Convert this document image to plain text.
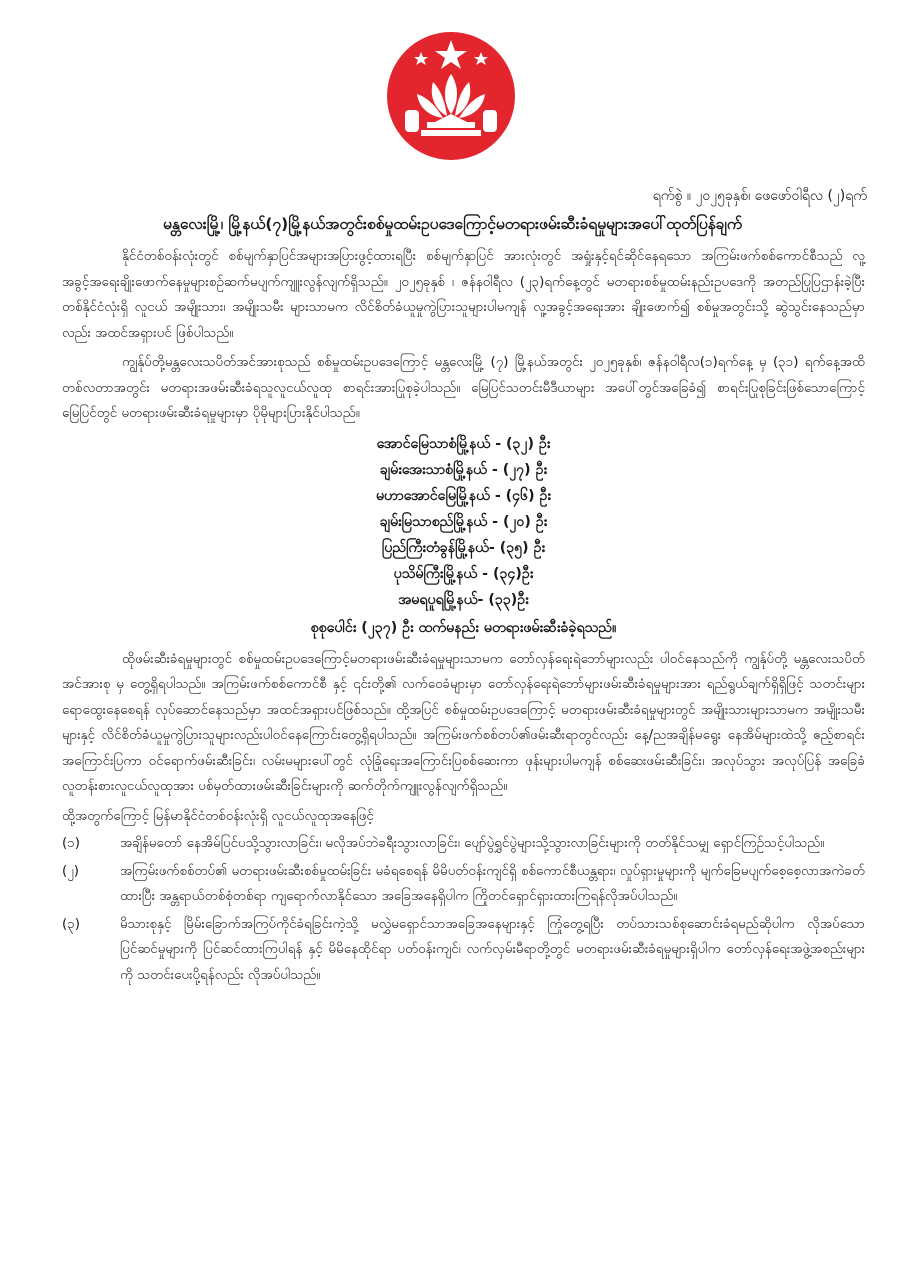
ရက်စွဲ ။ ၂၀၂၅ခုနှစ်၊ ဖေဖော်ဝါရီလ (၂)ရက်
မန္တလေးမြို့၊ မြို့နယ်(၇)မြို့နယ်အတွင်းစစ်မှုထမ်းဥပဒေကြောင့်မတရားဖမ်းဆီးခံရမှုများအပေါ်ထုတ်ပြန်ချက်

နိုင်ငံတစ်ဝန်းလုံးတွင် စစ်မျက်နှာပြင်အများအပြားဖွင့်ထားရပြီး စစ်မျက်နှာပြင် အားလုံးတွင် အရှုံးနှင့်ရင်ဆိုင်နေရသော အကြမ်းဖက်စစ်ကောင်စီသည် လူ့အခွင့်အရေးချိုးဖောက်နေမှုများစဥ်ဆက်မပျက်ကျူးလွန်လျက်ရှိသည်။ ၂၀၂၅ခုနှစ် ၊ ဇန်နဝါရီလ (၂၃)ရက်နေ့တွင် မတရားစစ်မှုထမ်းနည်းဥပဒေကို အတည်ပြုပြဌာန်းခဲ့ပြီး တစ်နိုင်ငံလုံးရှိ လူငယ် အမျိုးသား၊ အမျိုးသမီး များသာမက လိင်စိတ်ခံယူမှုကွဲပြားသူများပါမကျန် လူ့အခွင့်အရေးအား ချိုးဖောက်၍ စစ်မှုအတွင်းသို့ ဆွဲသွင်းနေသည်မှာလည်း အထင်အရှားပင် ဖြစ်ပါသည်။

ကျွန်ုပ်တို့မန္တလေးသပိတ်အင်အားစုသည် စစ်မှုထမ်းဥပဒေကြောင့် မန္တလေးမြို့ (၇) မြို့နယ်အတွင်း ၂၀၂၅ခုနှစ်၊ ဇန်နဝါရီလ(၁)ရက်နေ့ မှ (၃၁) ရက်နေ့အထိ တစ်လတာအတွင်း မတရားအဖမ်းဆီးခံရသူလူငယ်လူထု စာရင်းအားပြုစုခဲ့ပါသည်။ မြေပြင်သတင်းမီဒီယာများ အပေါ်တွင်အခြေခံ၍ စာရင်းပြုစုခြင်းဖြစ်သောကြောင့် မြေပြင်တွင် မတရားဖမ်းဆီးခံရမှုများမှာ ပိုမိုများပြားနိုင်ပါသည်။

အောင်မြေသာစံမြို့နယ် - (၃၂) ဦး
ချမ်းအေးသာစံမြို့နယ် - (၂၇) ဦး
မဟာအောင်မြေမြို့နယ် - (၄၆) ဦး
ချမ်းမြသာစည်မြို့နယ် - (၂၀) ဦး
ပြည်ကြီးတံခွန်မြို့နယ်- (၃၅) ဦး
ပုသိမ်ကြီးမြို့နယ် - (၃၄)ဦး
အမရပူရမြို့နယ်- (၃၃)ဦး
စုစုပေါင်း (၂၃၇) ဦး ထက်မနည်း မတရားဖမ်းဆီးခံခဲ့ရသည်။

ထိုဖမ်းဆီးခံရမှုများတွင် စစ်မှုထမ်းဥပဒေကြောင့်မတရားဖမ်းဆီးခံရမှုများသာမက တော်လှန်ရေးရဲဘော်များလည်း ပါဝင်နေသည်ကို ကျွန်ုပ်တို့ မန္တလေးသပိတ်အင်အားစု မှ တွေ့ရှိရပါသည်။ အကြမ်းဖက်စစ်ကောင်စီ နှင့် ၎င်းတို့၏ လက်ဝေခံများမှာ တော်လှန်ရေးရဲဘော်များဖမ်းဆီးခံရမှုများအား ရည်ရွယ်ချက်ရှိရှိဖြင့် သတင်းများရောထွေးနေစေရန် လုပ်ဆောင်နေသည်မှာ အထင်အရှားပင်ဖြစ်သည်။ ထို့အပြင် စစ်မှုထမ်းဥပဒေကြောင့် မတရားဖမ်းဆီးခံရမှုများတွင် အမျိုးသားများသာမက အမျိုးသမီးများနှင့် လိင်စိတ်ခံယူမှုကွဲပြားသူများလည်းပါဝင်နေကြောင်းတွေ့ရှိရပါသည်။ အကြမ်းဖက်စစ်တပ်၏ဖမ်းဆီးရာတွင်လည်း နေ့/ညအချိန်မရွေး နေအိမ်များထဲသို့ ဧည့်စာရင်းအကြောင်းပြကာ ဝင်ရောက်ဖမ်းဆီးခြင်း၊ လမ်းမများပေါ်တွင် လုံခြုံရေးအကြောင်းပြစစ်ဆေးကာ ဖုန်းများပါမကျန် စစ်ဆေးဖမ်းဆီးခြင်း၊ အလုပ်သွား အလုပ်ပြန် အခြေခံလူတန်းစားလူငယ်လူထုအား ပစ်မှတ်ထားဖမ်းဆီးခြင်းများကို ဆက်တိုက်ကျူးလွန်လျက်ရှိသည်။

ထို့အတွက်ကြောင့် မြန်မာနိုင်ငံတစ်ဝန်းလုံးရှိ လူငယ်လူထုအနေဖြင့်

(၁)	အချိန်မတော် နေအိမ်ပြင်ပသို့သွားလာခြင်း၊ မလိုအပ်ဘဲခရီးသွားလာခြင်း၊ ပျော်ပွဲရွှင်ပွဲများသို့သွားလာခြင်းများကို တတ်နိုင်သမျှ ရှောင်ကြဥ်သင့်ပါသည်။
(၂)	အကြမ်းဖက်စစ်တပ်၏ မတရားဖမ်းဆီးစစ်မှုထမ်းခြင်း မခံရစေရန် မိမိပတ်ဝန်းကျင်ရှိ စစ်ကောင်စီယန္တရား၊ လှုပ်ရှားမှုများကို မျက်ခြေမပျက်စေ့စေ့လာအကဲခတ်ထားပြီး အန္တရာယ်တစ်စုံတစ်ရာ ကျရောက်လာနိုင်သော အခြေအနေရှိပါက ကြိုတင်ရှောင်ရှားထားကြရန်လိုအပ်ပါသည်။
(၃)	မိသားစုနှင့် မြိမ်းခြောက်အကြပ်ကိုင်ခံရခြင်းကဲ့သို့ မလွှဲမရှောင်သာအခြေအနေများနှင့် ကြုံတွေ့ရပြီး တပ်သားသစ်စုဆောင်းခံရမည်ဆိုပါက လိုအပ်သော ပြင်ဆင်မှုများကို ပြင်ဆင်ထားကြပါရန် နှင့် မိမိနေထိုင်ရာ ပတ်ဝန်းကျင်၊ လက်လှမ်းမီရာတို့တွင် မတရားဖမ်းဆီးခံရမှုများရှိပါက တော်လှန်ရေးအဖွဲ့အစည်းများကို သတင်းပေးပို့ရန်လည်း လိုအပ်ပါသည်။
